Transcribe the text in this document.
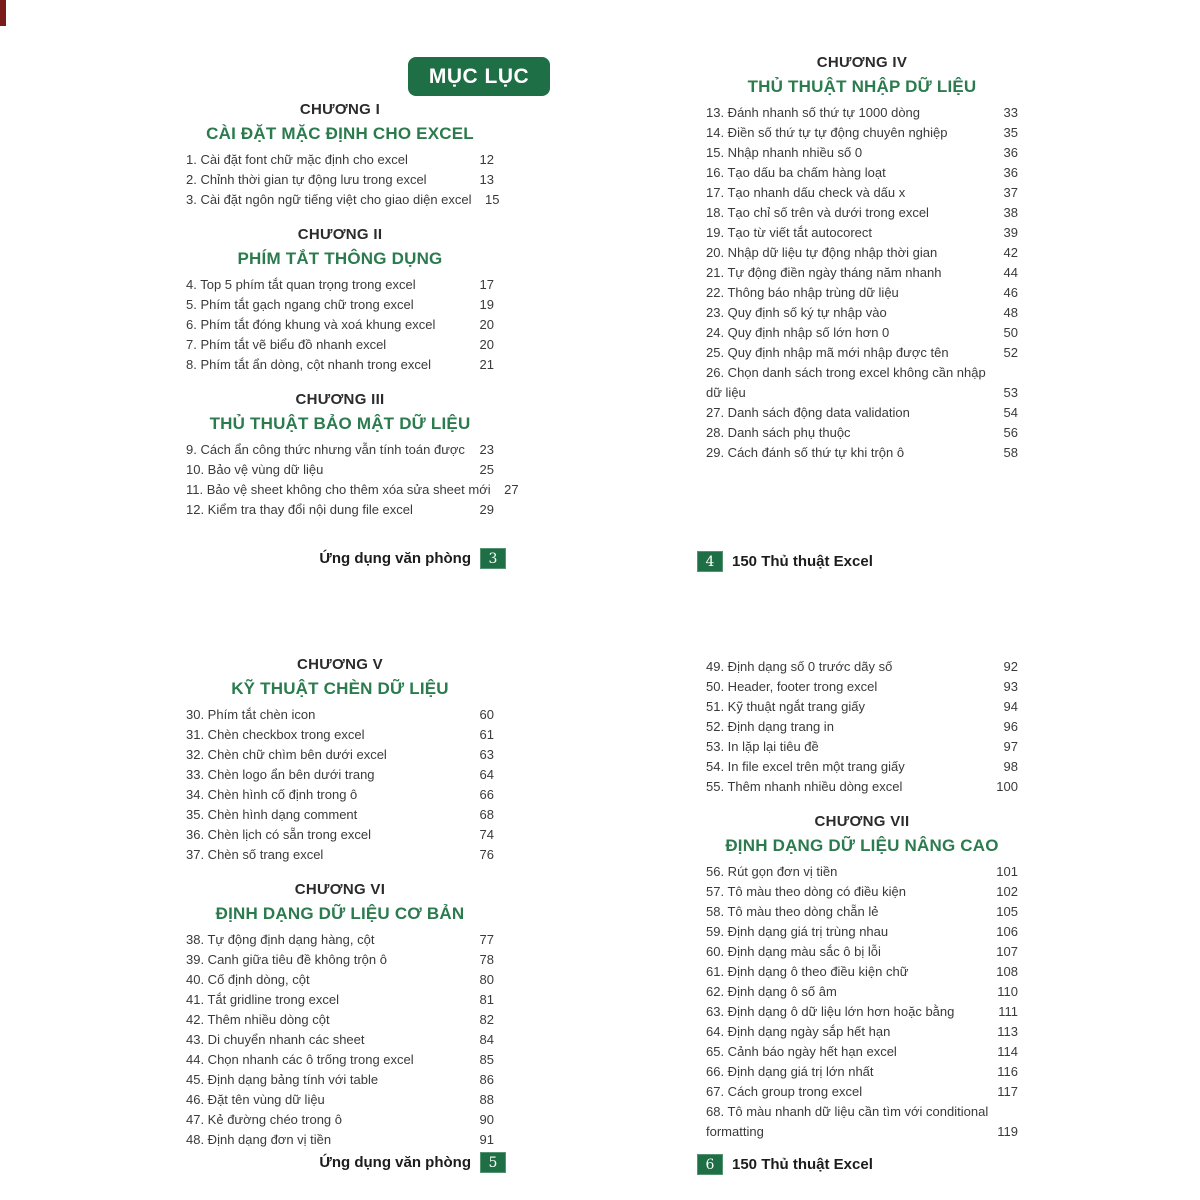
MỤC LỤC
CHƯƠNG I
CÀI ĐẶT MẶC ĐỊNH CHO EXCEL
1. Cài đặt font chữ mặc định cho excel	12
2. Chỉnh thời gian tự động lưu trong excel	13
3. Cài đặt ngôn ngữ tiếng việt cho giao diện excel	15
CHƯƠNG II
PHÍM TẮT THÔNG DỤNG
4. Top 5 phím tắt quan trọng trong excel	17
5. Phím tắt gạch ngang chữ trong excel	19
6. Phím tắt đóng khung và xoá khung excel	20
7. Phím tắt vẽ biểu đồ nhanh excel	20
8. Phím tắt ẩn dòng, cột nhanh trong excel	21
CHƯƠNG III
THỦ THUẬT BẢO MẬT DỮ LIỆU
9. Cách ẩn công thức nhưng vẫn tính toán được	23
10. Bảo vệ vùng dữ liệu	25
11. Bảo vệ sheet không cho thêm xóa sửa sheet mới	27
12. Kiểm tra thay đổi nội dung file excel	29
CHƯƠNG IV
THỦ THUẬT NHẬP DỮ LIỆU
13. Đánh nhanh số thứ tự 1000 dòng	33
14. Điền số thứ tự tự động chuyên nghiệp	35
15. Nhập nhanh nhiều số 0	36
16. Tạo dấu ba chấm hàng loạt	36
17. Tạo nhanh dấu check và dấu x	37
18. Tạo chỉ số trên và dưới trong excel	38
19. Tạo từ viết tắt autocorect	39
20. Nhập dữ liệu tự động nhập thời gian	42
21. Tự động điền ngày tháng năm nhanh	44
22. Thông báo nhập trùng dữ liệu	46
23. Quy định số ký tự nhập vào	48
24. Quy định nhập số lớn hơn 0	50
25. Quy định nhập mã mới nhập được tên	52
26. Chọn danh sách trong excel không cần nhập dữ liệu	53
27. Danh sách động data validation	54
28. Danh sách phụ thuộc	56
29. Cách đánh số thứ tự khi trộn ô	58
CHƯƠNG V
KỸ THUẬT CHÈN DỮ LIỆU
30. Phím tắt chèn icon	60
31. Chèn checkbox trong excel	61
32. Chèn chữ chìm bên dưới excel	63
33. Chèn logo ẩn bên dưới trang	64
34. Chèn hình cố định trong ô	66
35. Chèn hình dạng comment	68
36. Chèn lịch có sẵn trong excel	74
37. Chèn số trang excel	76
CHƯƠNG VI
ĐỊNH DẠNG DỮ LIỆU CƠ BẢN
38. Tự động định dạng hàng, cột	77
39. Canh giữa tiêu đề không trộn ô	78
40. Cố định dòng, cột	80
41. Tắt gridline trong excel	81
42. Thêm nhiều dòng cột	82
43. Di chuyển nhanh các sheet	84
44. Chọn nhanh các ô trống trong excel	85
45. Định dạng bảng tính với table	86
46. Đặt tên vùng dữ liệu	88
47. Kẻ đường chéo trong ô	90
48. Định dạng đơn vị tiền	91
49. Định dạng số 0 trước dãy số	92
50. Header, footer trong excel	93
51. Kỹ thuật ngắt trang giấy	94
52. Định dạng trang in	96
53. In lặp lại tiêu đề	97
54. In file excel trên một trang giấy	98
55. Thêm nhanh nhiều dòng excel	100
CHƯƠNG VII
ĐỊNH DẠNG DỮ LIỆU NÂNG CAO
56. Rút gọn đơn vị tiền	101
57. Tô màu theo dòng có điều kiện	102
58. Tô màu theo dòng chẵn lẻ	105
59. Định dạng giá trị trùng nhau	106
60. Định dạng màu sắc ô bị lỗi	107
61. Định dạng ô theo điều kiện chữ	108
62. Định dạng ô số âm	110
63. Định dạng ô dữ liệu lớn hơn hoặc bằng	111
64. Định dạng ngày sắp hết hạn	113
65. Cảnh báo ngày hết hạn excel	114
66. Định dạng giá trị lớn nhất	116
67. Cách group trong excel	117
68. Tô màu nhanh dữ liệu cần tìm với conditional formatting	119
Ứng dụng văn phòng	3	4	150 Thủ thuật Excel
Ứng dụng văn phòng	5	6	150 Thủ thuật Excel
